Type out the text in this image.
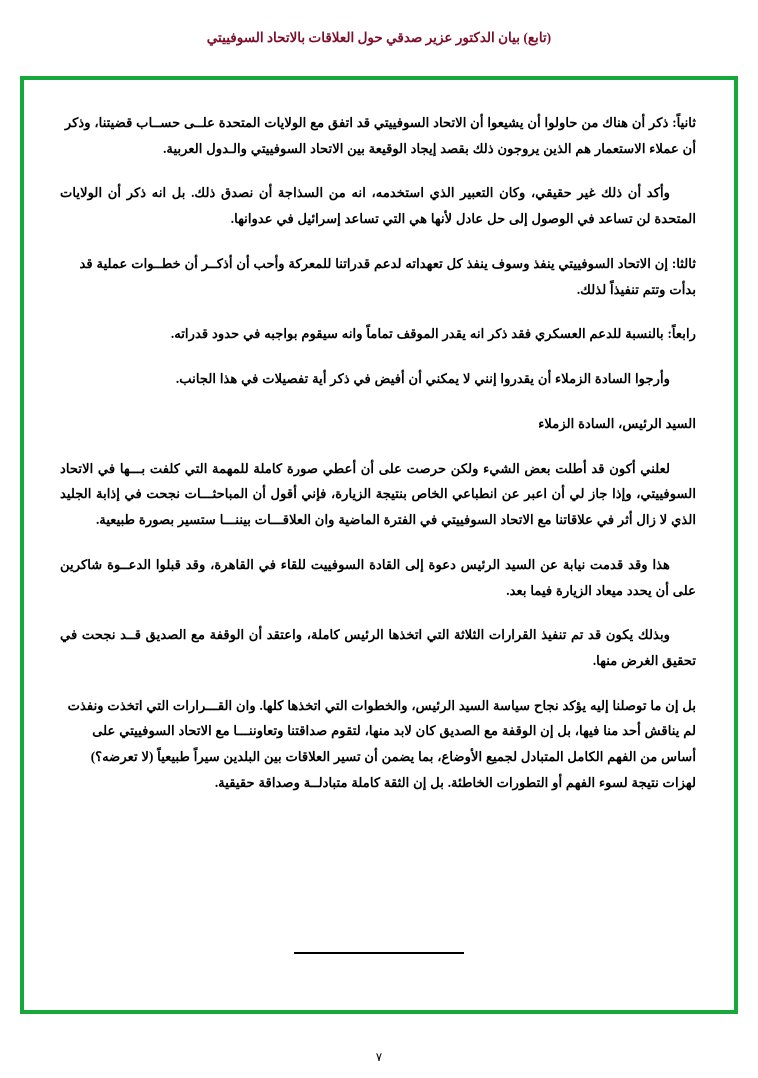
(تابع) بيان الدكتور عزير صدقي حول العلاقات بالاتحاد السوفييتي

ثانياً: ذكر أن هناك من حاولوا أن يشيعوا أن الاتحاد السوفييتي قد اتفق مع الولايات المتحدة علــى حســاب قضيتنا، وذكر أن عملاء الاستعمار هم الذين يروجون ذلك بقصد إيجاد الوقيعة بين الاتحاد السوفييتي والـدول العربية.

وأكد أن ذلك غير حقيقي، وكان التعبير الذي استخدمه، انه من السذاجة أن نصدق ذلك. بل انه ذكر أن الولايات المتحدة لن تساعد في الوصول إلى حل عادل لأنها هي التي تساعد إسرائيل في عدوانها.

ثالثا: إن الاتحاد السوفييتي ينفذ وسوف ينفذ كل تعهداته لدعم قدراتنا للمعركة وأحب أن أذكــر أن خطــوات عملية قد بدأت وتتم تنفيذاً لذلك.

رابعاً: بالنسبة للدعم العسكري فقد ذكر انه يقدر الموقف تماماً وانه سيقوم بواجبه في حدود قدراته.

وأرجوا السادة الزملاء أن يقدروا إنني لا يمكني أن أفيض في ذكر أية تفصيلات في هذا الجانب.

السيد الرئيس، السادة الزملاء

لعلني أكون قد أطلت بعض الشيء ولكن حرصت على أن أعطي صورة كاملة للمهمة التي كلفت بـــها في الاتحاد السوفييتي، وإذا جاز لي أن اعبر عن انطباعي الخاص بنتيجة الزيارة، فإني أقول أن المباحثـــات نجحت في إذابة الجليد الذي لا زال أثر في علاقاتنا مع الاتحاد السوفييتي في الفترة الماضية وان العلاقـــات بيننـــا ستسير بصورة طبيعية.

هذا وقد قدمت نيابة عن السيد الرئيس دعوة إلى القادة السوفييت للقاء في القاهرة، وقد قبلوا الدعــوة شاكرين على أن يحدد ميعاد الزيارة فيما بعد.

وبذلك يكون قد تم تنفيذ القرارات الثلاثة التي اتخذها الرئيس كاملة، واعتقد أن الوقفة مع الصديق قــد نجحت في تحقيق الغرض منها.

بل إن ما توصلنا إليه يؤكد نجاح سياسة السيد الرئيس، والخطوات التي اتخذها كلها. وان القـــرارات التي اتخذت ونفذت لم يناقش أحد منا فيها، بل إن الوقفة مع الصديق كان لابد منها، لتقوم صداقتنا وتعاوننـــا مع الاتحاد السوفييتي على أساس من الفهم الكامل المتبادل لجميع الأوضاع، بما يضمن أن تسير العلاقات بين البلدين سيراً طبيعياً (لا تعرضه؟) لهزات نتيجة لسوء الفهم أو التطورات الخاطئة. بل إن الثقة كاملة متبادلــة وصداقة حقيقية.

٧
